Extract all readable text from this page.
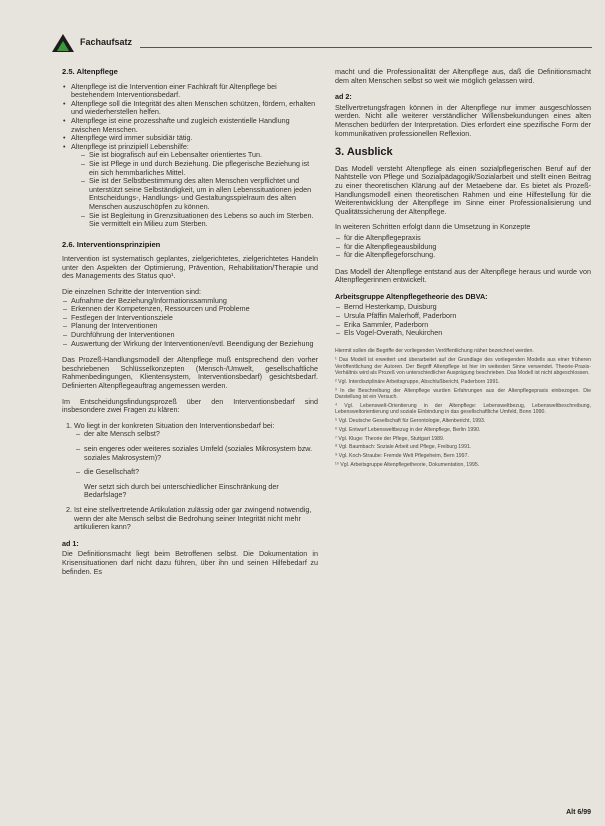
Fachaufsatz
2.5. Altenpflege
• Altenpflege ist die Intervention einer Fachkraft für Altenpflege bei bestehendem Interventionsbedarf.
• Altenpflege soll die Integrität des alten Menschen schützen, fördern, erhalten und wiederherstellen helfen.
• Altenpflege ist eine prozesshafte und zugleich existentielle Handlung zwischen Menschen.
• Altenpflege wird immer subsidiär tätig.
• Altenpflege ist prinzipiell Lebenshilfe:
– Sie ist biografisch auf ein Lebensalter orientiertes Tun.
– Sie ist Pflege in und durch Beziehung. Die pflegerische Beziehung ist ein sich hemmbarliches Mittel.
– Sie ist der Selbstbestimmung des alten Menschen verpflichtet und unterstützt seine Selbständigkeit, um in allen Lebenssituationen jeden Entscheidungs-, Handlungs- und Gestaltungsspielraum des alten Menschen auszuschöpfen zu können.
– Sie ist Begleitung in Grenzsituationen des Lebens so auch im Sterben. Sie vermittelt ein Milieu zum Sterben.
2.6. Interventionsprinzipien

Intervention ist systematisch geplantes, zielgerichtetes, zielgerichtetes Handeln unter den Aspekten der Optimierung, Prävention, Rehabilitation/Therapie und des Managements des Status quo¹.

Die einzelnen Schritte der Intervention sind:

– Aufnahme der Beziehung/Informationssammlung
– Erkennen der Kompetenzen, Ressourcen und Probleme
– Festlegen der Interventionsziele
– Planung der Interventionen
– Durchführung der Interventionen
– Auswertung der Wirkung der Interventionen/evtl. Beendigung der Beziehung

Das Prozeß-Handlungsmodell der Altenpflege muß entsprechend den vorher beschriebenen Schlüsselkonzepten (Mensch-/Umwelt, gesellschaftliche Rahmenbedingungen, Klientensystem, Interventionsbedarf) gesichtsbedarf. Definierten Altenpflegeauftrag angemessen werden.

Im Entscheidungsfindungsprozeß über den Interventionsbedarf sind insbesondere zwei Fragen zu klären:

1. Wo liegt in der konkreten Situation den Interventionsbedarf bei:
– der alte Mensch selbst?
– sein engeres oder weiteres soziales Umfeld (soziales Mikrosystem bzw. soziales Makrosystem)?
– die Gesellschaft?
Wer setzt sich durch bei unterschiedlicher Einschränkung der Bedarfslage?
2. Ist eine stellvertretende Artikulation zulässig oder gar zwingend notwendig, wenn der alte Mensch selbst die Bedrohung seiner Integrität nicht mehr artikulieren kann?
ad 1:

Die Definitionsmacht liegt beim Betroffenen selbst. Die Dokumentation in Krisensituationen darf nicht dazu führen, über ihn und seinen Hilfebedarf zu befinden. Es

macht und die Professionalität der Altenpflege aus, daß die Definitionsmacht dem alten Menschen selbst so weit wie möglich gelassen wird.

ad 2:

Stellvertretungsfragen können in der Altenpflege nur immer ausgeschlossen werden. Nicht alle weiterer verständlicher Willensbekundungen eines alten Menschen bedürfen der Interpretation. Dies erfordert eine spezifische Form der kommunikativen professionellen Reflexion.

3. Ausblick

Das Modell versteht Altenpflege als einen sozialpflegerischen Beruf auf der Nahtstelle von Pflege und Sozialpädagogik/Sozialarbeit und stellt einen Beitrag zu einer theoretischen Klärung auf der Metaebene dar. Es bietet als Prozeß-Handlungsmodell einen theoretischen Rahmen und eine Hilfestellung für die Weiterentwicklung der Altenpflege im Sinne einer Professionalisierung und Qualitätssicherung der Altenpflege.

In weiteren Schritten erfolgt dann die Umsetzung in Konzepte

– für die Altenpflegepraxis
– für die Altenpflegeausbildung
– für die Altenpflegeforschung.

Das Modell der Altenpflege entstand aus der Altenpflege heraus und wurde von Altenpflegerinnen entwickelt.

Arbeitsgruppe Altenpflegetheorie des DBVA:
– Bernd Hesterkamp, Duisburg
– Ursula Pfäffin Malerhoff, Paderborn
– Erika Sammler, Paderborn
– Els Vogel-Overath, Neukirchen
Hiermit sollen die Begriffe der vorliegenden Veröffentlichung näher bezeichnet werden.
¹ Das Modell ist erweitert und überarbeitet auf der Grundlage des vorliegenden Modells aus einer früheren Veröffentlichung der Autoren. Der Begriff Altenpflege ist hier im weitesten Sinne verwendet. Theorie-Praxis-Verhältnis wird als Prozeß von unterschiedlicher Ausprägung beschrieben. Das Modell ist nicht abgeschlossen.
² Vgl. Interdisziplinäre Arbeitsgruppe, Abschlußbericht, Paderborn 1991.
³ In die Beschreibung der Altenpflege wurden Erfahrungen aus der Altenpflegepraxis einbezogen. Die Darstellung ist ein Versuch.
⁴ Vgl. Lebenswelt-Orientierung in der Altenpflege: Lebensweltbezug, Lebensweltbeschreibung, Lebensweltorientierung und soziale Einbindung in das gesellschaftliche Umfeld, Bonn 1990.
⁵ Vgl. Deutsche Gesellschaft für Gerontologie, Altenbericht, 1993.
⁶ Vgl. Entwurf Lebensweltbezug in der Altenpflege, Berlin 1990.
⁷ Vgl. Kluge: Theorie der Pflege, Stuttgart 1989.
⁸ Vgl. Baumbach: Soziale Arbeit und Pflege, Freiburg 1991.
⁹ Vgl. Koch-Straube: Fremde Welt Pflegeheim, Bern 1997.
¹⁰ Vgl. Arbeitsgruppe Altenpflegetheorie, Dokumentation, 1995.
Alt 6/99
